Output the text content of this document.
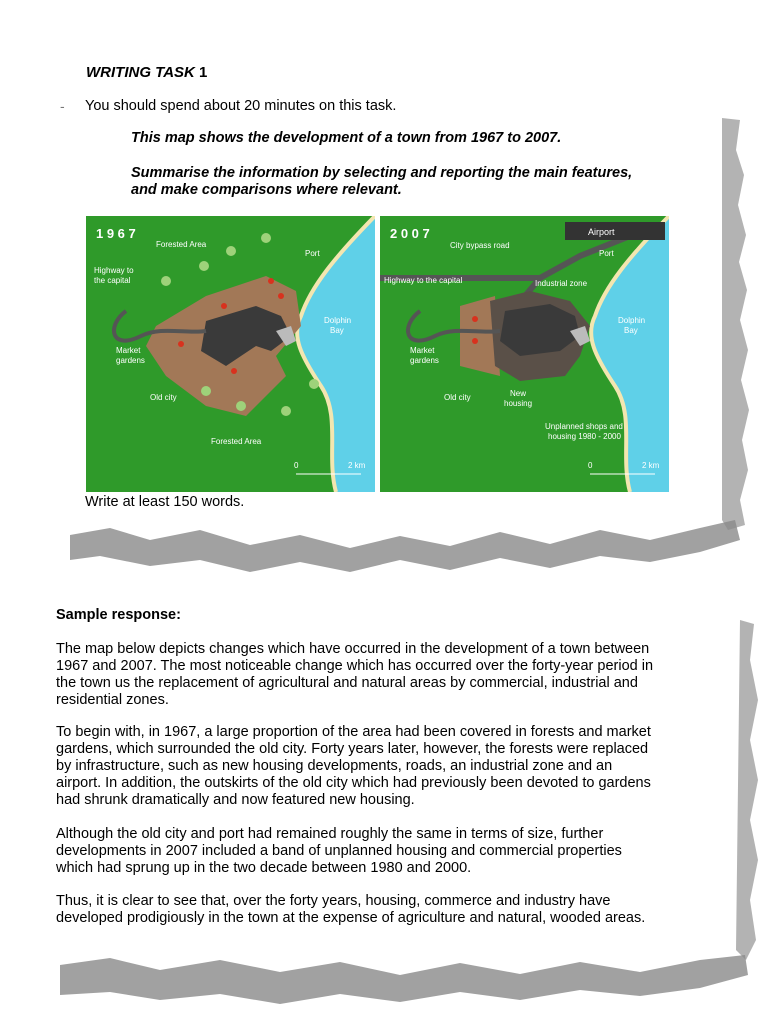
WRITING TASK 1
- You should spend about 20 minutes on this task.
This map shows the development of a town from 1967 to 2007.
Summarise the information by selecting and reporting the main features,
and make comparisons where relevant.
1 9 6 7
Forested Area
Highway to
the capital
Port
Dolphin
Bay
Market
gardens
Old city
Forested Area
0	2 km
2 0 0 7	Airport
City bypass road
Port
Highway to the capital	Industrial zone
Dolphin
Bay
Market
gardens
Old city	New
housing
Unplanned shops and
housing 1980 - 2000
0	2 km
Write at least 150 words.
Sample response:
The map below depicts changes which have occurred in the development of a town between
1967 and 2007. The most noticeable change which has occurred over the forty-year period in
the town us the replacement of agricultural and natural areas by commercial, industrial and
residential zones.
To begin with, in 1967, a large proportion of the area had been covered in forests and market
gardens, which surrounded the old city. Forty years later, however, the forests were replaced
by infrastructure, such as new housing developments, roads, an industrial zone and an
airport. In addition, the outskirts of the old city which had previously been devoted to gardens
had shrunk dramatically and now featured new housing.
Although the old city and port had remained roughly the same in terms of size, further
developments in 2007 included a band of unplanned housing and commercial properties
which had sprung up in the two decade between 1980 and 2000.
Thus, it is clear to see that, over the forty years, housing, commerce and industry have
developed prodigiously in the town at the expense of agriculture and natural, wooded areas.
